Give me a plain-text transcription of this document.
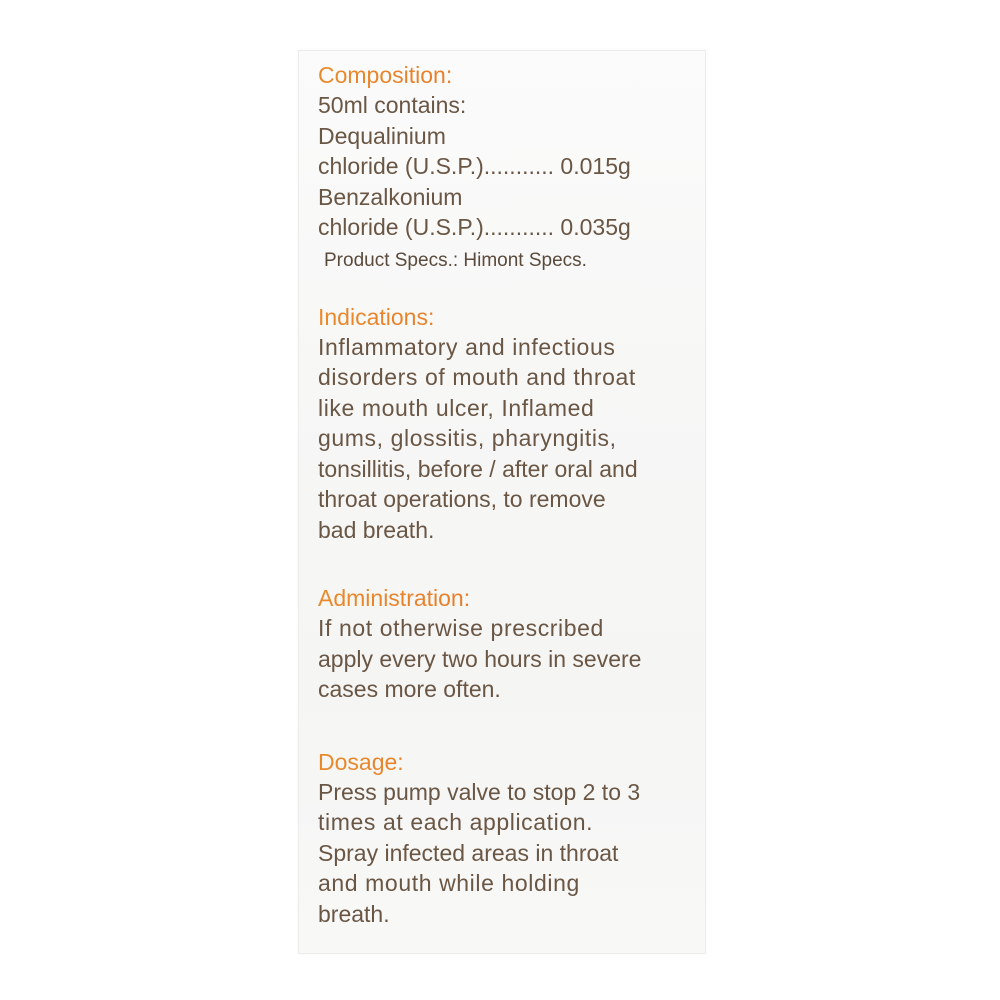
Composition:
50ml contains:
Dequalinium
chloride (U.S.P.)........... 0.015g
Benzalkonium
chloride (U.S.P.)........... 0.035g
Product Specs.: Himont Specs.
Indications:
Inflammatory and infectious
disorders of mouth and throat
like mouth ulcer, Inflamed
gums, glossitis, pharyngitis,
tonsillitis, before / after oral and
throat operations, to remove
bad breath.
Administration:
If not otherwise prescribed
apply every two hours in severe
cases more often.
Dosage:
Press pump valve to stop 2 to 3
times at each application.
Spray infected areas in throat
and mouth while holding
breath.
